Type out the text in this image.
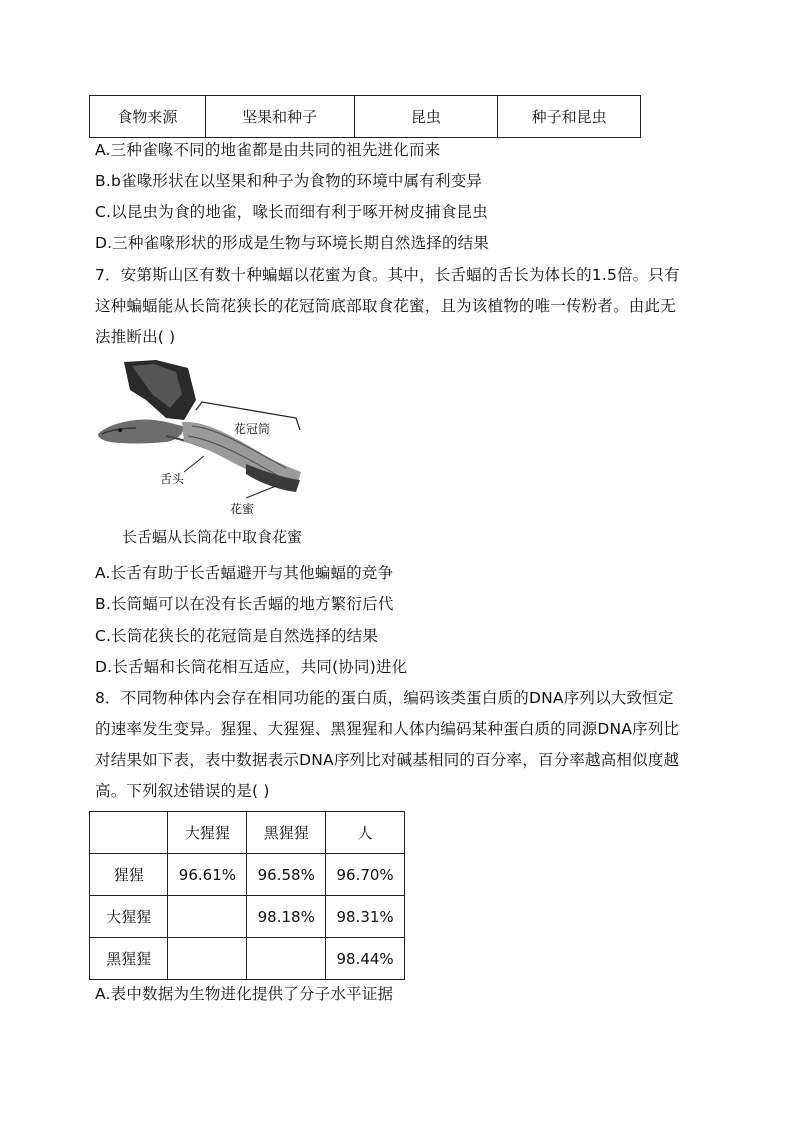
食物来源	坚果和种子	昆虫	种子和昆虫
A.三种雀喙不同的地雀都是由共同的祖先进化而来
B.b雀喙形状在以坚果和种子为食物的环境中属有利变异
C.以昆虫为食的地雀，喙长而细有利于啄开树皮捕食昆虫
D.三种雀喙形状的形成是生物与环境长期自然选择的结果
7．安第斯山区有数十种蝙蝠以花蜜为食。其中，长舌蝠的舌长为体长的1.5倍。只有
这种蝙蝠能从长筒花狭长的花冠筒底部取食花蜜，且为该植物的唯一传粉者。由此无
法推断出( )
花冠筒
舌头
花蜜
长舌蝠从长筒花中取食花蜜
A.长舌有助于长舌蝠避开与其他蝙蝠的竞争
B.长筒蝠可以在没有长舌蝠的地方繁衍后代
C.长筒花狭长的花冠筒是自然选择的结果
D.长舌蝠和长筒花相互适应，共同(协同)进化
8．不同物种体内会存在相同功能的蛋白质，编码该类蛋白质的DNA序列以大致恒定
的速率发生变异。猩猩、大猩猩、黑猩猩和人体内编码某种蛋白质的同源DNA序列比
对结果如下表，表中数据表示DNA序列比对碱基相同的百分率，百分率越高相似度越
高。下列叙述错误的是( )
	大猩猩	黑猩猩	人
猩猩	96.61%	96.58%	96.70%
大猩猩		98.18%	98.31%
黑猩猩			98.44%
A.表中数据为生物进化提供了分子水平证据
